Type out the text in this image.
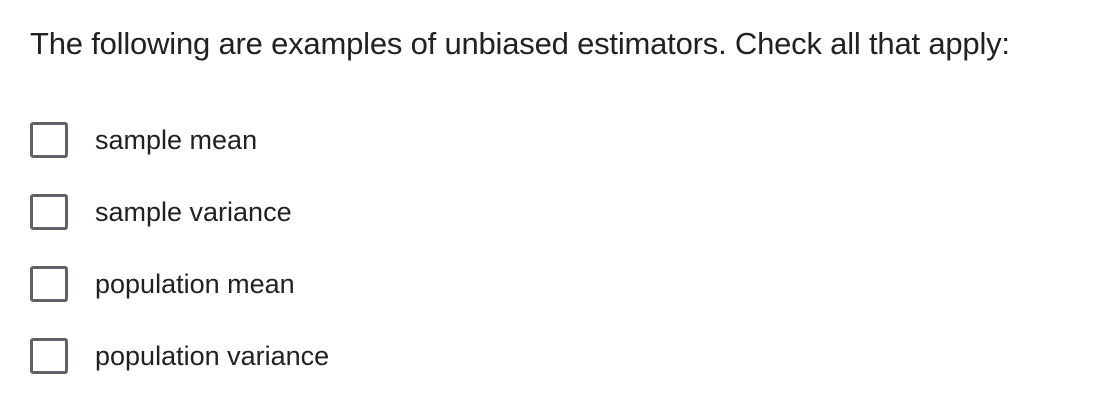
The following are examples of unbiased estimators. Check all that apply:
sample mean
sample variance
population mean
population variance
